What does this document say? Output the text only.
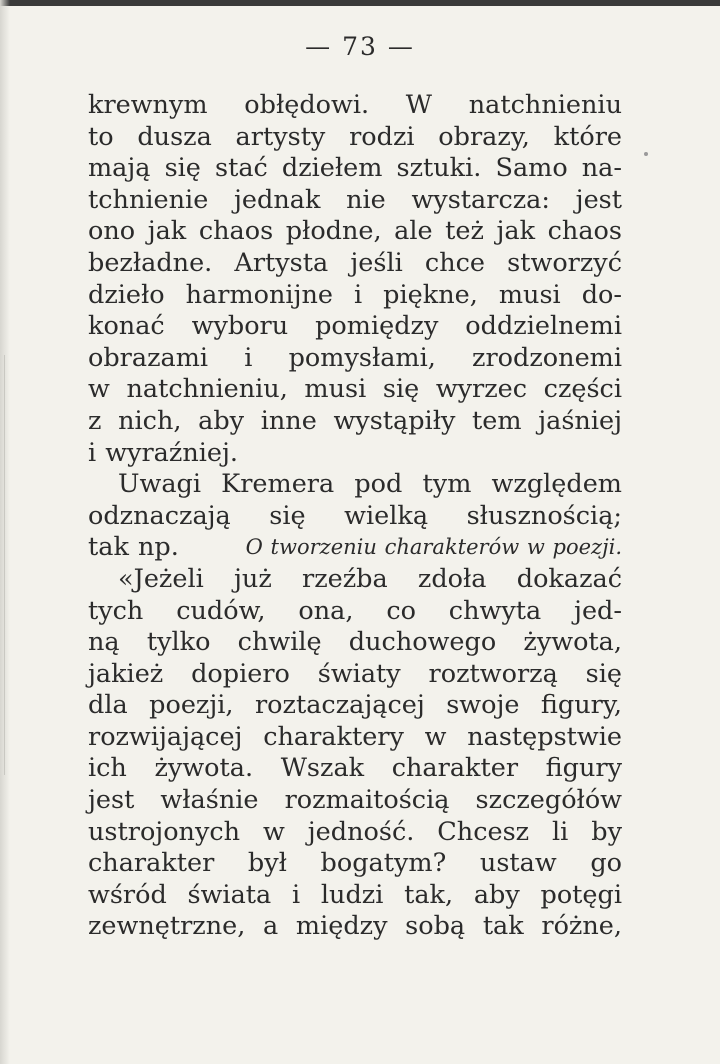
— 73 —
krewnym obłędowi. W natchnieniu
to dusza artysty rodzi obrazy, które
mają się stać dziełem sztuki. Samo na-
tchnienie jednak nie wystarcza: jest
ono jak chaos płodne, ale też jak chaos
bezładne. Artysta jeśli chce stworzyć
dzieło harmonijne i piękne, musi do-
konać wyboru pomiędzy oddzielnemi
obrazami i pomysłami, zrodzonemi
w natchnieniu, musi się wyrzec części
z nich, aby inne wystąpiły tem jaśniej
i wyraźniej.
Uwagi Kremera pod tym względem
odznaczają się wielką słusznością;
tak np.	O tworzeniu charakterów w poezji.
«Jeżeli już rzeźba zdoła dokazać
tych cudów, ona, co chwyta jed-
ną tylko chwilę duchowego żywota,
jakież dopiero światy roztworzą się
dla poezji, roztaczającej swoje figury,
rozwijającej charaktery w następstwie
ich żywota. Wszak charakter figury
jest właśnie rozmaitością szczegółów
ustrojonych w jedność. Chcesz li by
charakter był bogatym? ustaw go
wśród świata i ludzi tak, aby potęgi
zewnętrzne, a między sobą tak różne,
